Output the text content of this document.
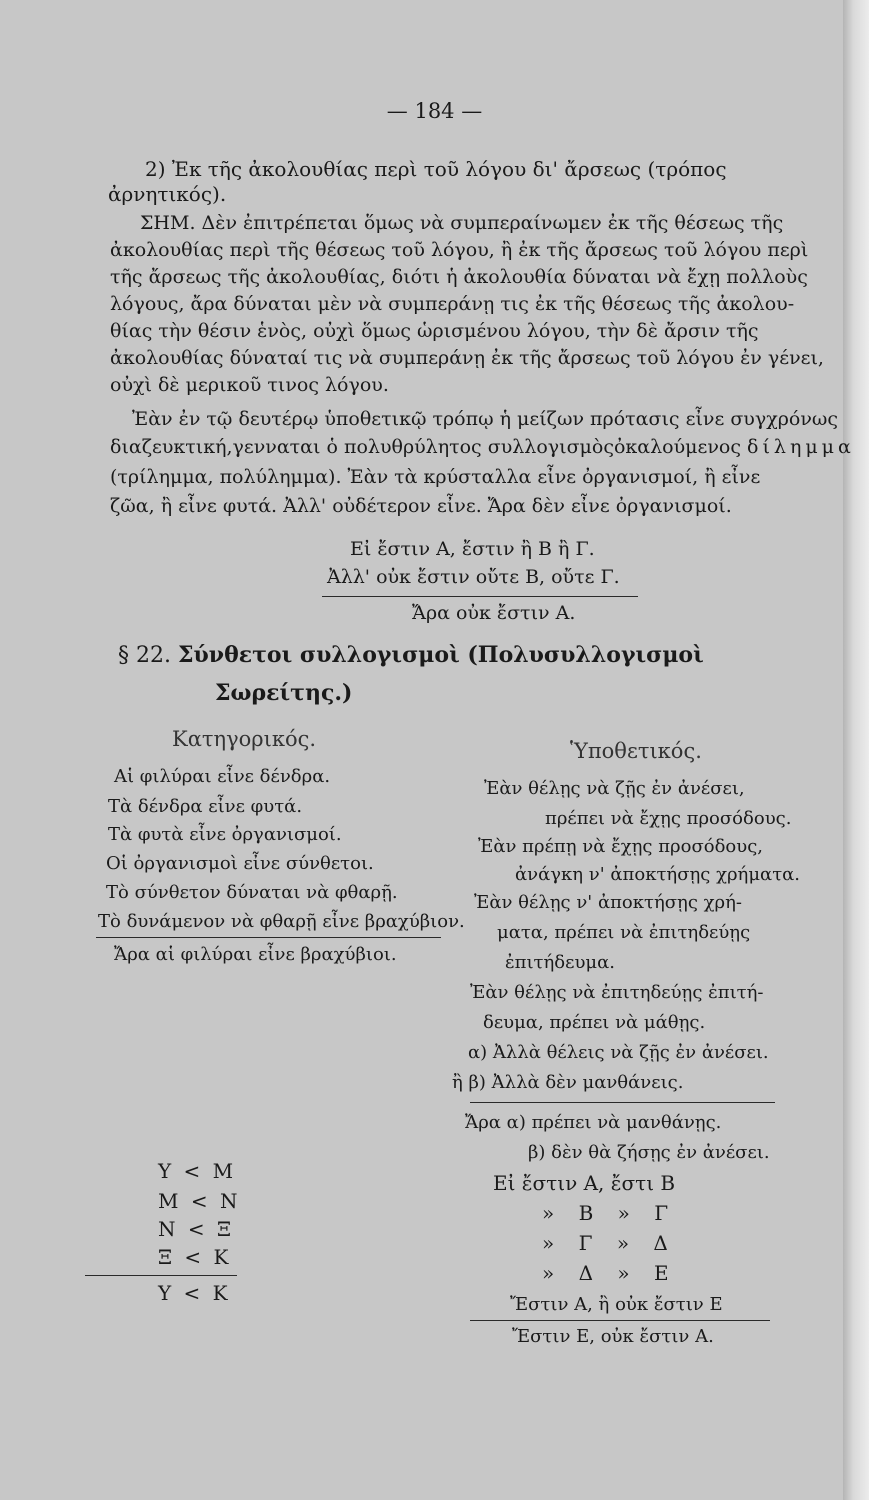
— 184 —
2) Ἐκ τῆς ἀκολουθίας περὶ τοῦ λόγου δι' ἄρσεως (τρόπος
ἀρνητικός).
ΣΗΜ. Δὲν ἐπιτρέπεται ὅμως νὰ συμπεραίνωμεν ἐκ τῆς θέσεως τῆς
ἀκολουθίας περὶ τῆς θέσεως τοῦ λόγου, ἢ ἐκ τῆς ἄρσεως τοῦ λόγου περὶ
τῆς ἄρσεως τῆς ἀκολουθίας, διότι ἡ ἀκολουθία δύναται νὰ ἔχῃ πολλοὺς
λόγους, ἄρα δύναται μὲν νὰ συμπεράνῃ τις ἐκ τῆς θέσεως τῆς ἀκολου-
θίας τὴν θέσιν ἑνὸς, οὐχὶ ὅμως ὡρισμένου λόγου, τὴν δὲ ἄρσιν τῆς
ἀκολουθίας δύναταί τις νὰ συμπεράνῃ ἐκ τῆς ἄρσεως τοῦ λόγου ἐν γένει,
οὐχὶ δὲ μερικοῦ τινος λόγου.
Ἐὰν ἐν τῷ δευτέρῳ ὑποθετικῷ τρόπῳ ἡ μείζων πρότασις εἶνε συγχρόνως
διαζευκτική,γενναται ὁ πολυθρύλητος συλλογισμὸςὀκαλούμενος δίλημμα
(τρίλημμα, πολύλημμα). Ἐὰν τὰ κρύσταλλα εἶνε ὀργανισμοί, ἢ εἶνε
ζῶα, ἢ εἶνε φυτά. Ἀλλ' οὐδέτερον εἶνε. Ἄρα δὲν εἶνε ὀργανισμοί.
Εἰ ἔστιν Α, ἔστιν ἢ Β ἢ Γ.
Ἀλλ' οὐκ ἔστιν οὔτε Β, οὔτε Γ.
Ἄρα οὐκ ἔστιν Α.
§ 22. Σύνθετοι συλλογισμοὶ (Πολυσυλλογισμοὶ
Σωρείτης.)
Κατηγορικός.
Αἱ φιλύραι εἶνε δένδρα.
Τὰ δένδρα εἶνε φυτά.
Τὰ φυτὰ εἶνε ὀργανισμοί.
Οἱ ὀργανισμοὶ εἶνε σύνθετοι.
Τὸ σύνθετον δύναται νὰ φθαρῇ.
Τὸ δυνάμενον νὰ φθαρῇ εἶνε βραχύβιον.
Ἄρα αἱ φιλύραι εἶνε βραχύβιοι.
Ὑποθετικός.
Ἐὰν θέλῃς νὰ ζῇς ἐν ἀνέσει,
πρέπει νὰ ἔχῃς προσόδους.
Ἐὰν πρέπῃ νὰ ἔχῃς προσόδους,
ἀνάγκη ν' ἀποκτήσῃς χρήματα.
Ἐὰν θέλῃς ν' ἀποκτήσῃς χρή-
ματα, πρέπει νὰ ἐπιτηδεύῃς
ἐπιτήδευμα.
Ἐὰν θέλῃς νὰ ἐπιτηδεύῃς ἐπιτή-
δευμα, πρέπει νὰ μάθῃς.
α) Ἀλλὰ θέλεις νὰ ζῇς ἐν ἀνέσει.
ἢ β) Ἀλλὰ δὲν μανθάνεις.
Ἄρα α) πρέπει νὰ μανθάνῃς.
β) δὲν θὰ ζήσῃς ἐν ἀνέσει.
Εἰ ἔστιν Α, ἔστι Β
» Β » Γ
» Γ » Δ
» Δ » Ε
Ἔστιν Α, ἢ οὐκ ἔστιν Ε
Ἔστιν Ε, οὐκ ἔστιν Α.
Υ < Μ
Μ < Ν
Ν < Ξ
Ξ < Κ
Υ < Κ
